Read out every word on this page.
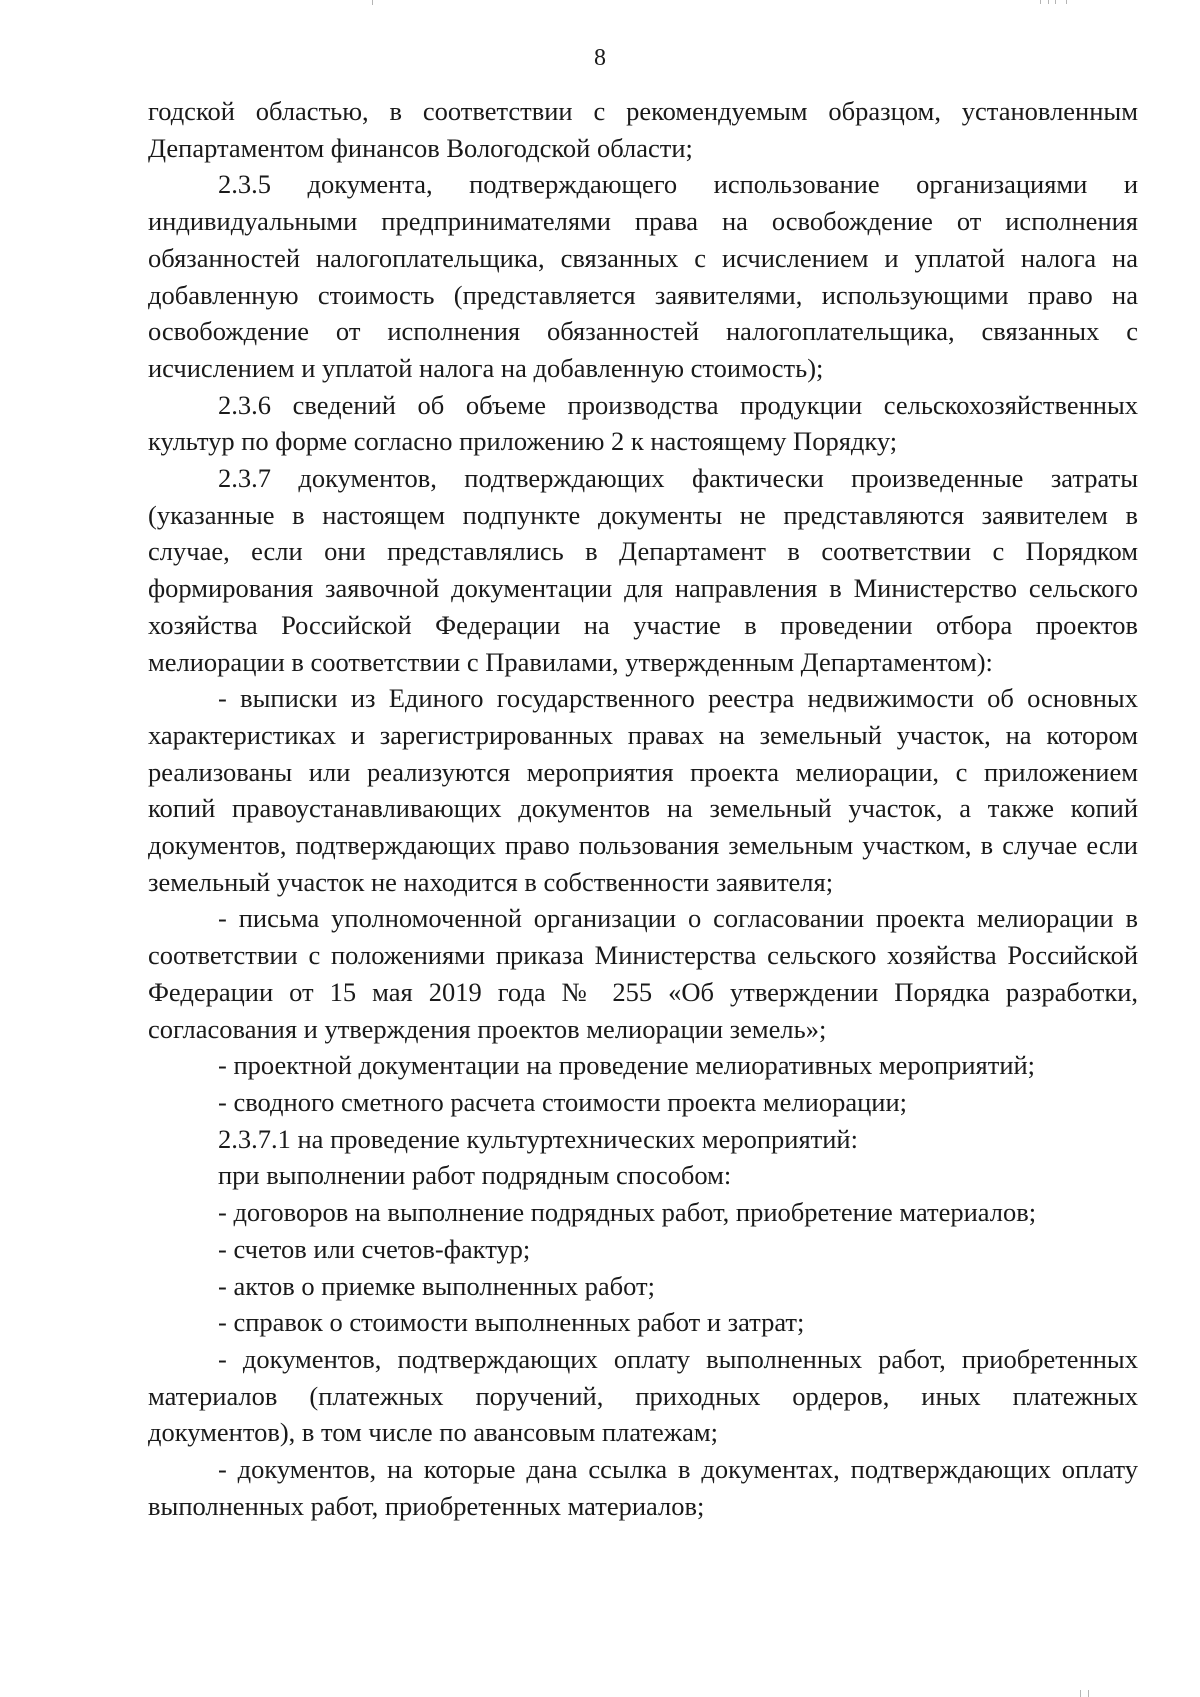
8

годской областью, в соответствии с рекомендуемым образцом, установленным Департаментом финансов Вологодской области;

2.3.5 документа, подтверждающего использование организациями и индивидуальными предпринимателями права на освобождение от исполнения обязанностей налогоплательщика, связанных с исчислением и уплатой налога на добавленную стоимость (представляется заявителями, использующими право на освобождение от исполнения обязанностей налогоплательщика, связанных с исчислением и уплатой налога на добавленную стоимость);

2.3.6 сведений об объеме производства продукции сельскохозяйственных культур по форме согласно приложению 2 к настоящему Порядку;

2.3.7 документов, подтверждающих фактически произведенные затраты (указанные в настоящем подпункте документы не представляются заявителем в случае, если они представлялись в Департамент в соответствии с Порядком формирования заявочной документации для направления в Министерство сельского хозяйства Российской Федерации на участие в проведении отбора проектов мелиорации в соответствии с Правилами, утвержденным Департаментом):

- выписки из Единого государственного реестра недвижимости об основных характеристиках и зарегистрированных правах на земельный участок, на котором реализованы или реализуются мероприятия проекта мелиорации, с приложением копий правоустанавливающих документов на земельный участок, а также копий документов, подтверждающих право пользования земельным участком, в случае если земельный участок не находится в собственности заявителя;

- письма уполномоченной организации о согласовании проекта мелиорации в соответствии с положениями приказа Министерства сельского хозяйства Российской Федерации от 15 мая 2019 года № 255 «Об утверждении Порядка разработки, согласования и утверждения проектов мелиорации земель»;

- проектной документации на проведение мелиоративных мероприятий;

- сводного сметного расчета стоимости проекта мелиорации;

2.3.7.1 на проведение культуртехнических мероприятий:

при выполнении работ подрядным способом:

- договоров на выполнение подрядных работ, приобретение материалов;

- счетов или счетов-фактур;

- актов о приемке выполненных работ;

- справок о стоимости выполненных работ и затрат;

- документов, подтверждающих оплату выполненных работ, приобретенных материалов (платежных поручений, приходных ордеров, иных платежных документов), в том числе по авансовым платежам;

- документов, на которые дана ссылка в документах, подтверждающих оплату выполненных работ, приобретенных материалов;
